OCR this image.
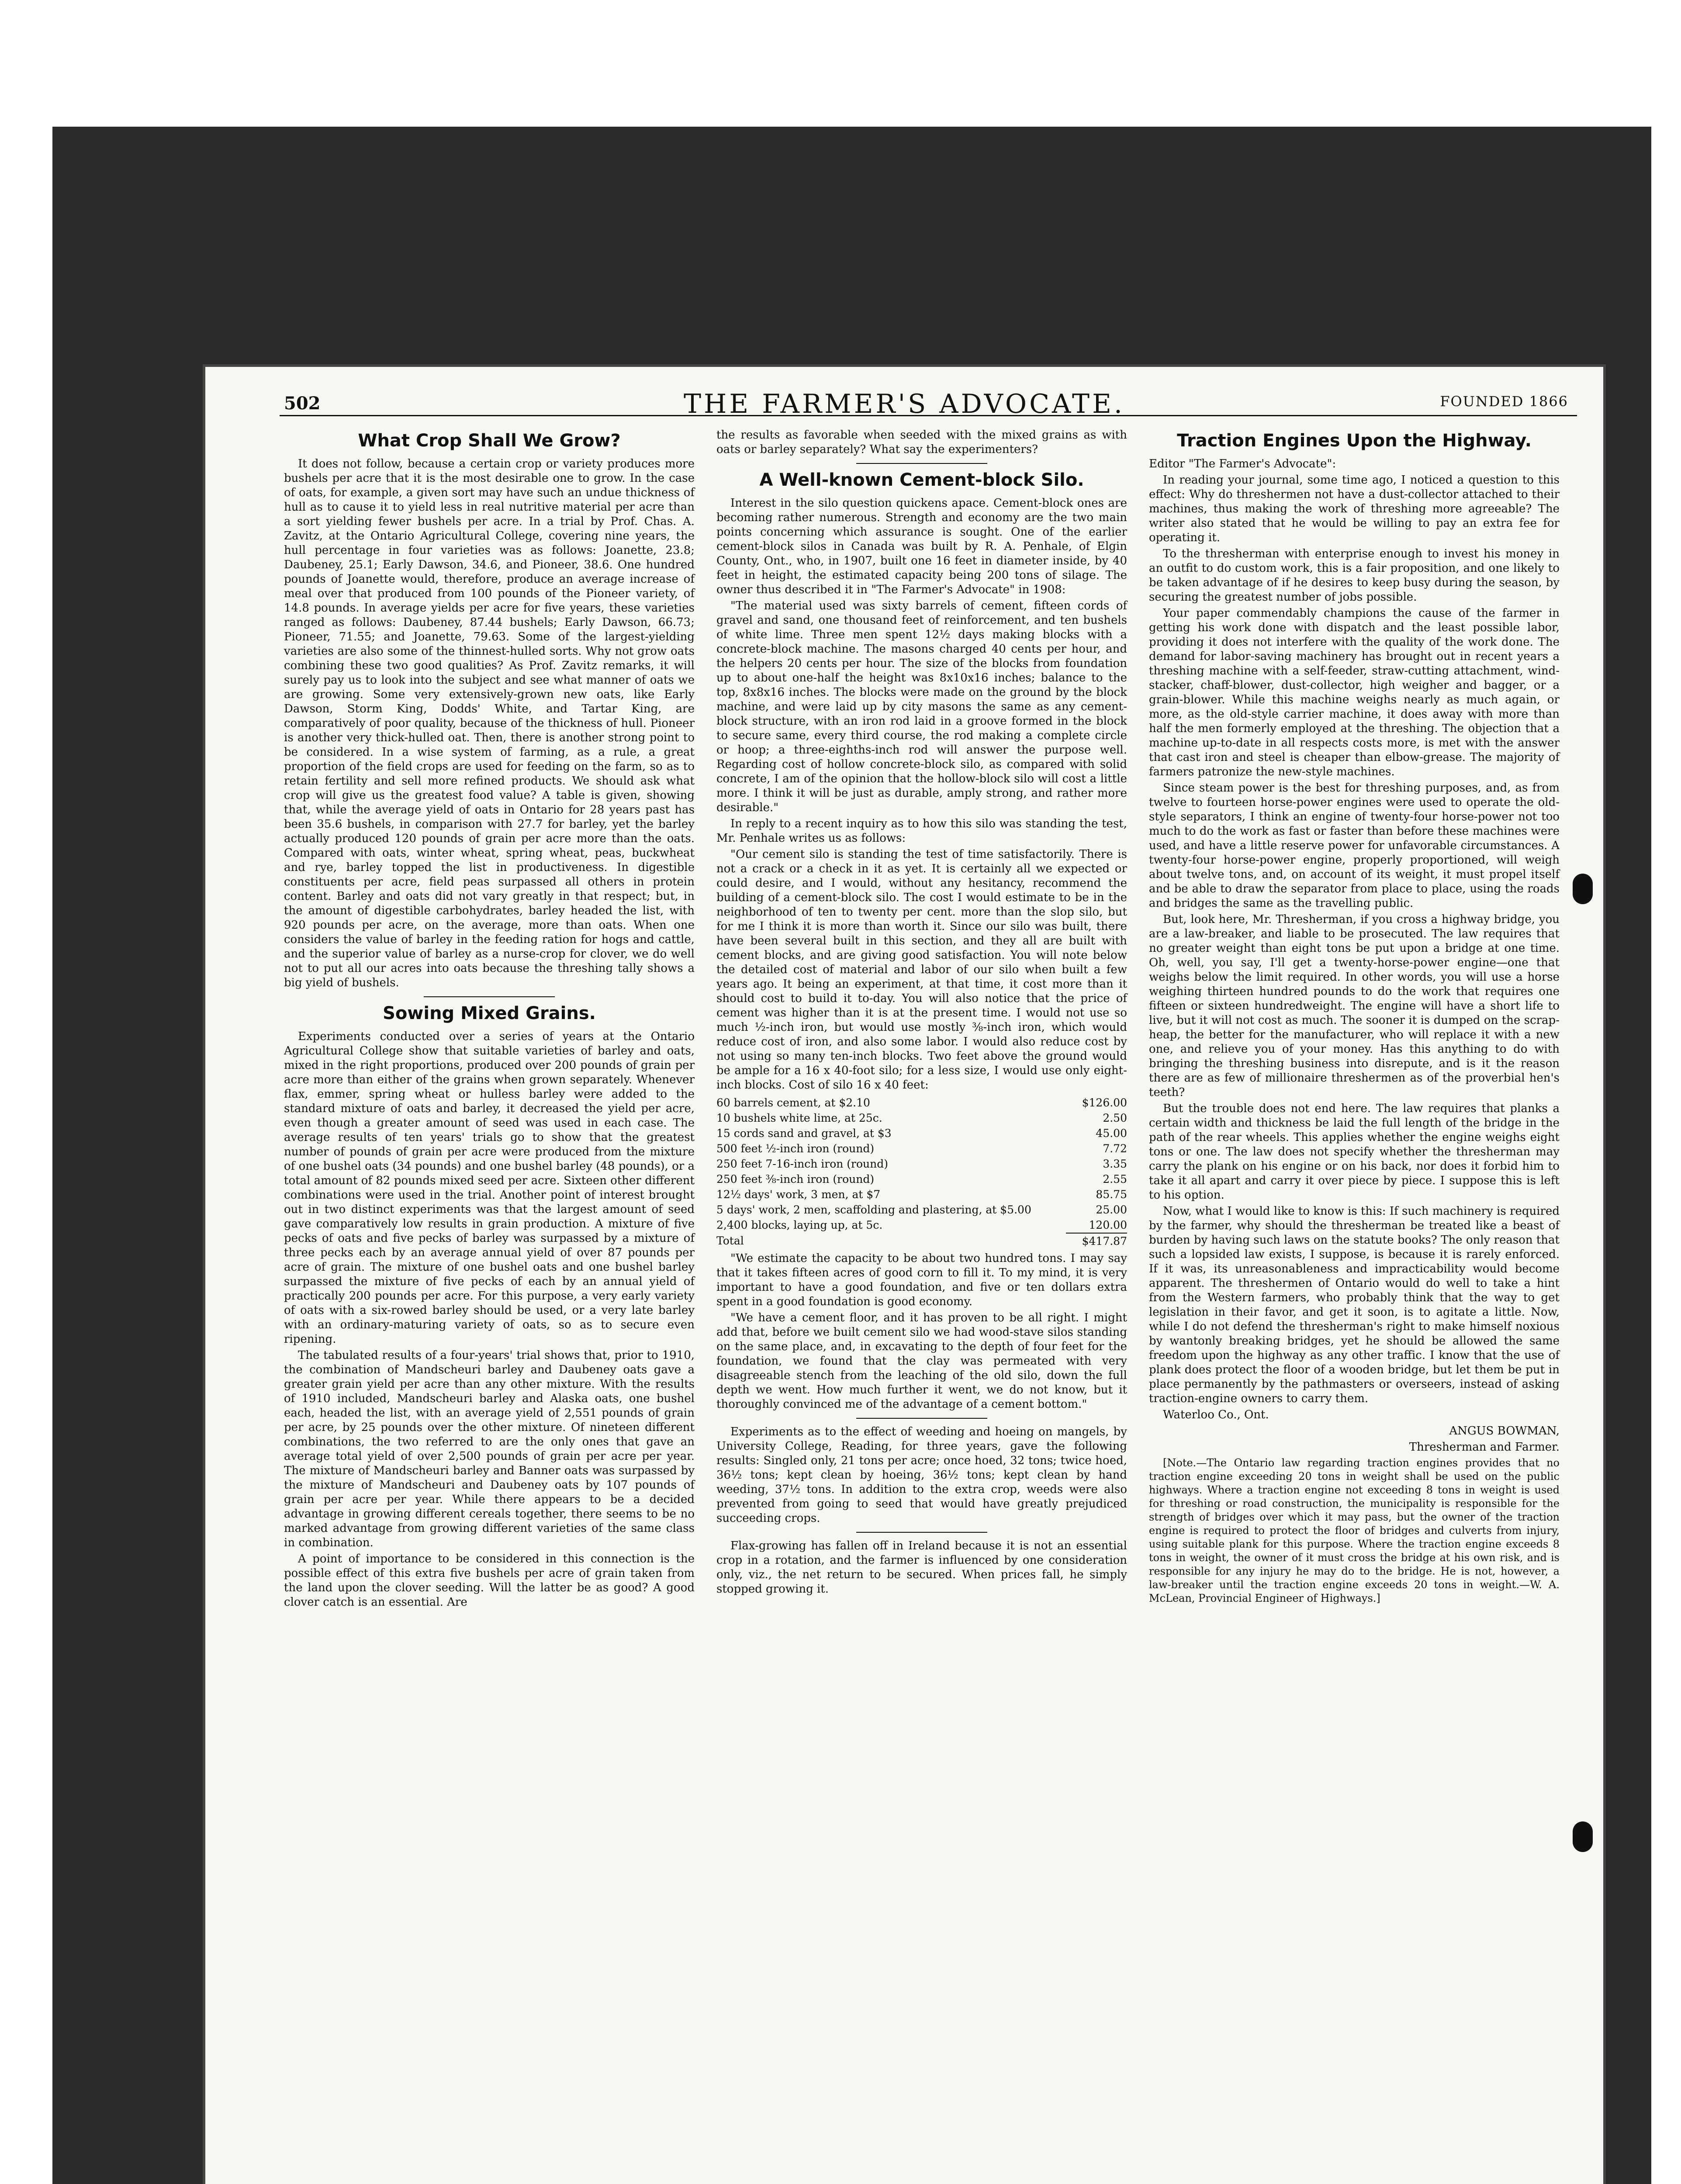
502	THE FARMER'S ADVOCATE.	FOUNDED 1866
What Crop Shall We Grow?

It does not follow, because a certain crop or variety produces more bushels per acre that it is the most desirable one to grow. In the case of oats, for example, a given sort may have such an undue thickness of hull as to cause it to yield less in real nutritive material per acre than a sort yielding fewer bushels per acre. In a trial by Prof. Chas. A. Zavitz, at the Ontario Agricultural College, covering nine years, the hull percentage in four varieties was as follows: Joanette, 23.8; Daubeney, 25.1; Early Dawson, 34.6, and Pioneer, 38.6. One hundred pounds of Joanette would, therefore, produce an average increase of meal over that produced from 100 pounds of the Pioneer variety, of 14.8 pounds. In average yields per acre for five years, these varieties ranged as follows: Daubeney, 87.44 bushels; Early Dawson, 66.73; Pioneer, 71.55; and Joanette, 79.63. Some of the largest-yielding varieties are also some of the thinnest-hulled sorts. Why not grow oats combining these two good qualities? As Prof. Zavitz remarks, it will surely pay us to look into the subject and see what manner of oats we are growing. Some very extensively-grown new oats, like Early Dawson, Storm King, Dodds' White, and Tartar King, are comparatively of poor quality, because of the thickness of hull. Pioneer is another very thick-hulled oat. Then, there is another strong point to be considered. In a wise system of farming, as a rule, a great proportion of the field crops are used for feeding on the farm, so as to retain fertility and sell more refined products. We should ask what crop will give us the greatest food value? A table is given, showing that, while the average yield of oats in Ontario for 28 years past has been 35.6 bushels, in comparison with 27.7 for barley, yet the barley actually produced 120 pounds of grain per acre more than the oats. Compared with oats, winter wheat, spring wheat, peas, buckwheat and rye, barley topped the list in productiveness. In digestible constituents per acre, field peas surpassed all others in protein content. Barley and oats did not vary greatly in that respect; but, in the amount of digestible carbohydrates, barley headed the list, with 920 pounds per acre, on the average, more than oats. When one considers the value of barley in the feeding ration for hogs and cattle, and the superior value of barley as a nurse-crop for clover, we do well not to put all our acres into oats because the threshing tally shows a big yield of bushels.

Sowing Mixed Grains.

Experiments conducted over a series of years at the Ontario Agricultural College show that suitable varieties of barley and oats, mixed in the right proportions, produced over 200 pounds of grain per acre more than either of the grains when grown separately. Whenever flax, emmer, spring wheat or hulless barley were added to the standard mixture of oats and barley, it decreased the yield per acre, even though a greater amount of seed was used in each case. The average results of ten years' trials go to show that the greatest number of pounds of grain per acre were produced from the mixture of one bushel oats (34 pounds) and one bushel barley (48 pounds), or a total amount of 82 pounds mixed seed per acre. Sixteen other different combinations were used in the trial. Another point of interest brought out in two distinct experiments was that the largest amount of seed gave comparatively low results in grain production. A mixture of five pecks of oats and five pecks of barley was surpassed by a mixture of three pecks each by an average annual yield of over 87 pounds per acre of grain. The mixture of one bushel oats and one bushel barley surpassed the mixture of five pecks of each by an annual yield of practically 200 pounds per acre. For this purpose, a very early variety of oats with a six-rowed barley should be used, or a very late barley with an ordinary-maturing variety of oats, so as to secure even ripening.

The tabulated results of a four-years' trial shows that, prior to 1910, the combination of Mandscheuri barley and Daubeney oats gave a greater grain yield per acre than any other mixture. With the results of 1910 included, Mandscheuri barley and Alaska oats, one bushel each, headed the list, with an average yield of 2,551 pounds of grain per acre, by 25 pounds over the other mixture. Of nineteen different combinations, the two referred to are the only ones that gave an average total yield of over 2,500 pounds of grain per acre per year. The mixture of Mandscheuri barley and Banner oats was surpassed by the mixture of Mandscheuri and Daubeney oats by 107 pounds of grain per acre per year. While there appears to be a decided advantage in growing different cereals together, there seems to be no marked advantage from growing different varieties of the same class in combination.

A point of importance to be considered in this connection is the possible effect of this extra five bushels per acre of grain taken from the land upon the clover seeding. Will the latter be as good? A good clover catch is an essential. Are

the results as favorable when seeded with the mixed grains as with oats or barley separately? What say the experimenters?

A Well-known Cement-block Silo.

Interest in the silo question quickens apace. Cement-block ones are becoming rather numerous. Strength and economy are the two main points concerning which assurance is sought. One of the earlier cement-block silos in Canada was built by R. A. Penhale, of Elgin County, Ont., who, in 1907, built one 16 feet in diameter inside, by 40 feet in height, the estimated capacity being 200 tons of silage. The owner thus described it in "The Farmer's Advocate" in 1908:

"The material used was sixty barrels of cement, fifteen cords of gravel and sand, one thousand feet of reinforcement, and ten bushels of white lime. Three men spent 12½ days making blocks with a concrete-block machine. The masons charged 40 cents per hour, and the helpers 20 cents per hour. The size of the blocks from foundation up to about one-half the height was 8x10x16 inches; balance to the top, 8x8x16 inches. The blocks were made on the ground by the block machine, and were laid up by city masons the same as any cement-block structure, with an iron rod laid in a groove formed in the block to secure same, every third course, the rod making a complete circle or hoop; a three-eighths-inch rod will answer the purpose well. Regarding cost of hollow concrete-block silo, as compared with solid concrete, I am of the opinion that the hollow-block silo will cost a little more. I think it will be just as durable, amply strong, and rather more desirable."

In reply to a recent inquiry as to how this silo was standing the test, Mr. Penhale writes us as follows:

"Our cement silo is standing the test of time satisfactorily. There is not a crack or a check in it as yet. It is certainly all we expected or could desire, and I would, without any hesitancy, recommend the building of a cement-block silo. The cost I would estimate to be in the neighborhood of ten to twenty per cent. more than the slop silo, but for me I think it is more than worth it. Since our silo was built, there have been several built in this section, and they all are built with cement blocks, and are giving good satisfaction. You will note below the detailed cost of material and labor of our silo when built a few years ago. It being an experiment, at that time, it cost more than it should cost to build it to-day. You will also notice that the price of cement was higher than it is at the present time. I would not use so much ½-inch iron, but would use mostly ⅜-inch iron, which would reduce cost of iron, and also some labor. I would also reduce cost by not using so many ten-inch blocks. Two feet above the ground would be ample for a 16 x 40-foot silo; for a less size, I would use only eight-inch blocks. Cost of silo 16 x 40 feet:

60 barrels cement, at $2.10	$126.00
10 bushels white lime, at 25c.	2.50
15 cords sand and gravel, at $3	45.00
500 feet ½-inch iron (round)	7.72
250 feet 7-16-inch iron (round)	3.35
250 feet ⅜-inch iron (round)	2.55
12½ days' work, 3 men, at $7	85.75
5 days' work, 2 men, scaffolding and plastering, at $5.00	25.00
2,400 blocks, laying up, at 5c.	120.00
Total	$417.87

"We estimate the capacity to be about two hundred tons. I may say that it takes fifteen acres of good corn to fill it. To my mind, it is very important to have a good foundation, and five or ten dollars extra spent in a good foundation is good economy.

"We have a cement floor, and it has proven to be all right. I might add that, before we built cement silo we had wood-stave silos standing on the same place, and, in excavating to the depth of four feet for the foundation, we found that the clay was permeated with very disagreeable stench from the leaching of the old silo, down the full depth we went. How much further it went, we do not know, but it thoroughly convinced me of the advantage of a cement bottom."

Experiments as to the effect of weeding and hoeing on mangels, by University College, Reading, for three years, gave the following results: Singled only, 21 tons per acre; once hoed, 32 tons; twice hoed, 36½ tons; kept clean by hoeing, 36½ tons; kept clean by hand weeding, 37½ tons. In addition to the extra crop, weeds were also prevented from going to seed that would have greatly prejudiced succeeding crops.

Flax-growing has fallen off in Ireland because it is not an essential crop in a rotation, and the farmer is influenced by one consideration only, viz., the net return to be secured. When prices fall, he simply stopped growing it.

Traction Engines Upon the Highway.

Editor "The Farmer's Advocate":

In reading your journal, some time ago, I noticed a question to this effect: Why do threshermen not have a dust-collector attached to their machines, thus making the work of threshing more agreeable? The writer also stated that he would be willing to pay an extra fee for operating it.

To the thresherman with enterprise enough to invest his money in an outfit to do custom work, this is a fair proposition, and one likely to be taken advantage of if he desires to keep busy during the season, by securing the greatest number of jobs possible.

Your paper commendably champions the cause of the farmer in getting his work done with dispatch and the least possible labor, providing it does not interfere with the quality of the work done. The demand for labor-saving machinery has brought out in recent years a threshing machine with a self-feeder, straw-cutting attachment, wind-stacker, chaff-blower, dust-collector, high weigher and bagger, or a grain-blower. While this machine weighs nearly as much again, or more, as the old-style carrier machine, it does away with more than half the men formerly employed at the threshing. The objection that a machine up-to-date in all respects costs more, is met with the answer that cast iron and steel is cheaper than elbow-grease. The majority of farmers patronize the new-style machines.

Since steam power is the best for threshing purposes, and, as from twelve to fourteen horse-power engines were used to operate the old-style separators, I think an engine of twenty-four horse-power not too much to do the work as fast or faster than before these machines were used, and have a little reserve power for unfavorable circumstances. A twenty-four horse-power engine, properly proportioned, will weigh about twelve tons, and, on account of its weight, it must propel itself and be able to draw the separator from place to place, using the roads and bridges the same as the travelling public.

But, look here, Mr. Thresherman, if you cross a highway bridge, you are a law-breaker, and liable to be prosecuted. The law requires that no greater weight than eight tons be put upon a bridge at one time. Oh, well, you say, I'll get a twenty-horse-power engine—one that weighs below the limit required. In other words, you will use a horse weighing thirteen hundred pounds to do the work that requires one fifteen or sixteen hundredweight. The engine will have a short life to live, but it will not cost as much. The sooner it is dumped on the scrap-heap, the better for the manufacturer, who will replace it with a new one, and relieve you of your money. Has this anything to do with bringing the threshing business into disrepute, and is it the reason there are as few of millionaire threshermen as of the proverbial hen's teeth?

But the trouble does not end here. The law requires that planks a certain width and thickness be laid the full length of the bridge in the path of the rear wheels. This applies whether the engine weighs eight tons or one. The law does not specify whether the thresherman may carry the plank on his engine or on his back, nor does it forbid him to take it all apart and carry it over piece by piece. I suppose this is left to his option.

Now, what I would like to know is this: If such machinery is required by the farmer, why should the thresherman be treated like a beast of burden by having such laws on the statute books? The only reason that such a lopsided law exists, I suppose, is because it is rarely enforced. If it was, its unreasonableness and impracticability would become apparent. The threshermen of Ontario would do well to take a hint from the Western farmers, who probably think that the way to get legislation in their favor, and get it soon, is to agitate a little. Now, while I do not defend the thresherman's right to make himself noxious by wantonly breaking bridges, yet he should be allowed the same freedom upon the highway as any other traffic. I know that the use of plank does protect the floor of a wooden bridge, but let them be put in place permanently by the pathmasters or overseers, instead of asking traction-engine owners to carry them.

Waterloo Co., Ont.

ANGUS BOWMAN,
Thresherman and Farmer.

[Note.—The Ontario law regarding traction engines provides that no traction engine exceeding 20 tons in weight shall be used on the public highways. Where a traction engine not exceeding 8 tons in weight is used for threshing or road construction, the municipality is responsible for the strength of bridges over which it may pass, but the owner of the traction engine is required to protect the floor of bridges and culverts from injury, using suitable plank for this purpose. Where the traction engine exceeds 8 tons in weight, the owner of it must cross the bridge at his own risk, and is responsible for any injury he may do to the bridge. He is not, however, a law-breaker until the traction engine exceeds 20 tons in weight.—W. A. McLean, Provincial Engineer of Highways.]
